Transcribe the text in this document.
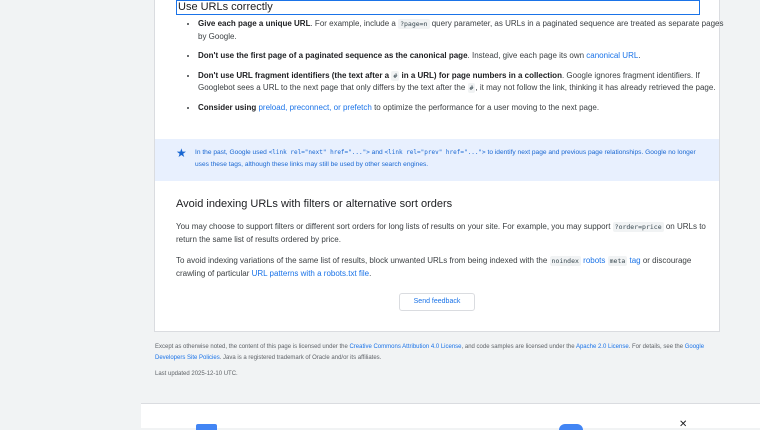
Use URLs correctly
• Give each page a unique URL. For example, include a ?page=n query parameter, as URLs in a paginated sequence are treated as separate pages by Google.
• Don't use the first page of a paginated sequence as the canonical page. Instead, give each page its own canonical URL.
• Don't use URL fragment identifiers (the text after a # in a URL) for page numbers in a collection. Google ignores fragment identifiers. If Googlebot sees a URL to the next page that only differs by the text after the # , it may not follow the link, thinking it has already retrieved the page.
• Consider using preload, preconnect, or prefetch to optimize the performance for a user moving to the next page.
★ In the past, Google used <link rel="next" href="..."> and <link rel="prev" href="..."> to identify next page and previous page relationships. Google no longer uses these tags, although these links may still be used by other search engines.
Avoid indexing URLs with filters or alternative sort orders
You may choose to support filters or different sort orders for long lists of results on your site. For example, you may support ?order=price on URLs to return the same list of results ordered by price.
To avoid indexing variations of the same list of results, block unwanted URLs from being indexed with the noindex robots meta tag or discourage crawling of particular URL patterns with a robots.txt file.
Send feedback
Except as otherwise noted, the content of this page is licensed under the Creative Commons Attribution 4.0 License, and code samples are licensed under the Apache 2.0 License. For details, see the Google Developers Site Policies. Java is a registered trademark of Oracle and/or its affiliates.
Last updated 2025-12-10 UTC.
✕
